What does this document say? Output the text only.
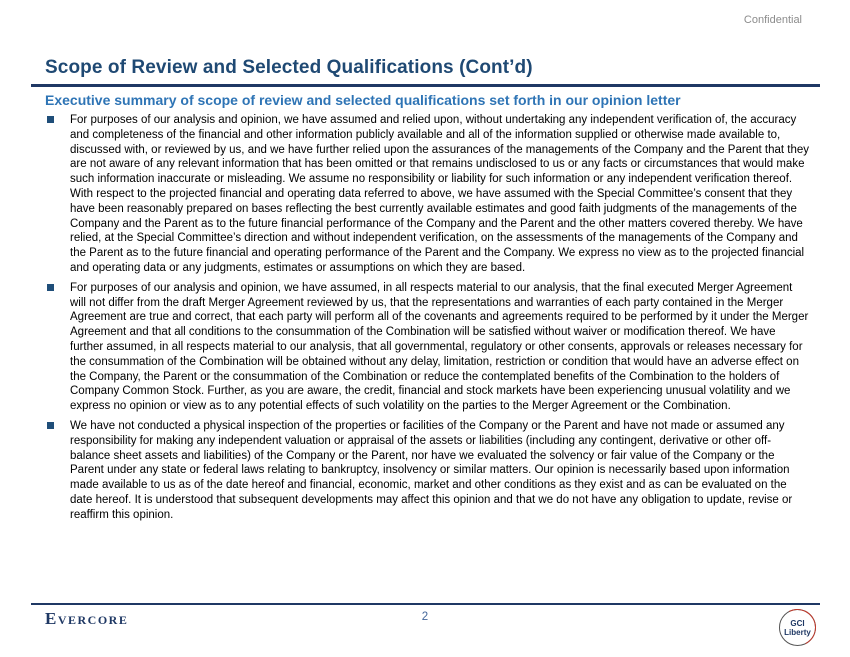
Confidential
Scope of Review and Selected Qualifications (Cont’d)
Executive summary of scope of review and selected qualifications set forth in our opinion letter
For purposes of our analysis and opinion, we have assumed and relied upon, without undertaking any independent verification of, the accuracy and completeness of the financial and other information publicly available and all of the information supplied or otherwise made available to, discussed with, or reviewed by us, and we have further relied upon the assurances of the managements of the Company and the Parent that they are not aware of any relevant information that has been omitted or that remains undisclosed to us or any facts or circumstances that would make such information inaccurate or misleading. We assume no responsibility or liability for such information or any independent verification thereof. With respect to the projected financial and operating data referred to above, we have assumed with the Special Committee’s consent that they have been reasonably prepared on bases reflecting the best currently available estimates and good faith judgments of the managements of the Company and the Parent as to the future financial performance of the Company and the Parent and the other matters covered thereby. We have relied, at the Special Committee’s direction and without independent verification, on the assessments of the managements of the Company and the Parent as to the future financial and operating performance of the Parent and the Company. We express no view as to the projected financial and operating data or any judgments, estimates or assumptions on which they are based.
For purposes of our analysis and opinion, we have assumed, in all respects material to our analysis, that the final executed Merger Agreement will not differ from the draft Merger Agreement reviewed by us, that the representations and warranties of each party contained in the Merger Agreement are true and correct, that each party will perform all of the covenants and agreements required to be performed by it under the Merger Agreement and that all conditions to the consummation of the Combination will be satisfied without waiver or modification thereof. We have further assumed, in all respects material to our analysis, that all governmental, regulatory or other consents, approvals or releases necessary for the consummation of the Combination will be obtained without any delay, limitation, restriction or condition that would have an adverse effect on the Company, the Parent or the consummation of the Combination or reduce the contemplated benefits of the Combination to the holders of Company Common Stock. Further, as you are aware, the credit, financial and stock markets have been experiencing unusual volatility and we express no opinion or view as to any potential effects of such volatility on the parties to the Merger Agreement or the Combination.
We have not conducted a physical inspection of the properties or facilities of the Company or the Parent and have not made or assumed any responsibility for making any independent valuation or appraisal of the assets or liabilities (including any contingent, derivative or other off-balance sheet assets and liabilities) of the Company or the Parent, nor have we evaluated the solvency or fair value of the Company or the Parent under any state or federal laws relating to bankruptcy, insolvency or similar matters. Our opinion is necessarily based upon information made available to us as of the date hereof and financial, economic, market and other conditions as they exist and as can be evaluated on the date hereof. It is understood that subsequent developments may affect this opinion and that we do not have any obligation to update, revise or reaffirm this opinion.
Evercore	2	GCI
Liberty
